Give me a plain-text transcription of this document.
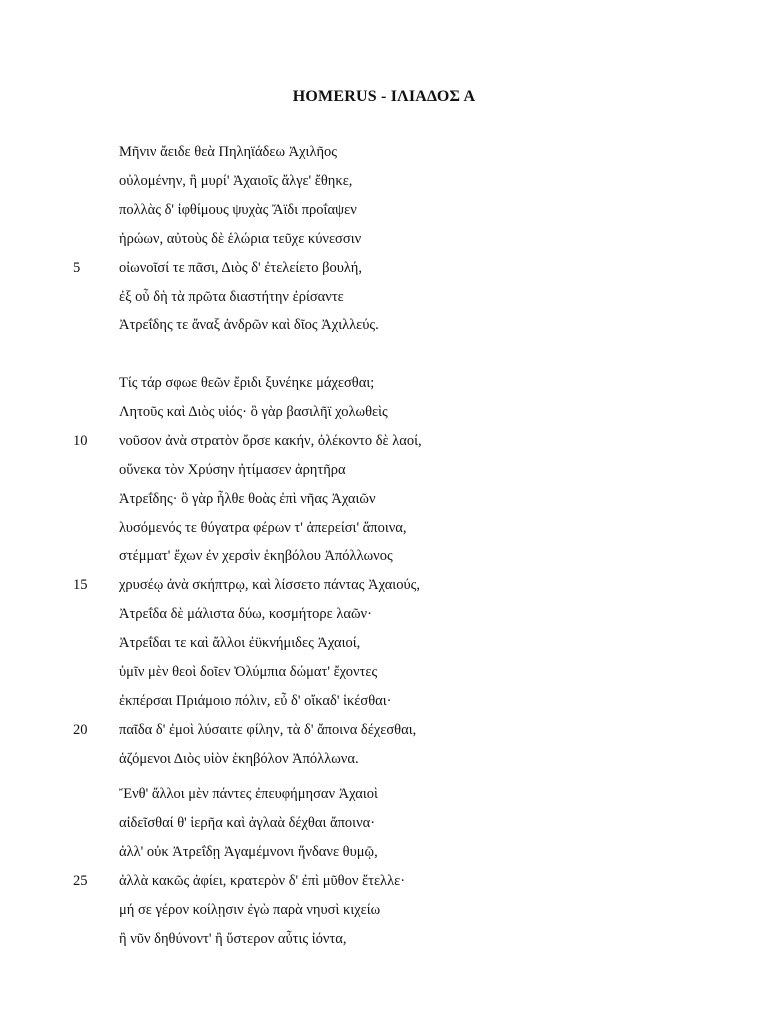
HOMERUS - ΙΛΙΑΔΟΣ Α
Μῆνιν ἄειδε θεὰ Πηληϊάδεω Ἀχιλῆος
οὐλομένην, ἣ μυρί' Ἀχαιοῖς ἄλγε' ἔθηκε,
πολλὰς δ' ἰφθίμους ψυχὰς Ἄϊδι προΐαψεν
ἡρώων, αὐτοὺς δὲ ἑλώρια τεῦχε κύνεσσιν
5	οἰωνοῖσί τε πᾶσι, Διὸς δ' ἐτελείετο βουλή,
ἐξ οὗ δὴ τὰ πρῶτα διαστήτην ἐρίσαντε
Ἀτρεΐδης τε ἄναξ ἀνδρῶν καὶ δῖος Ἀχιλλεύς.
Τίς τάρ σφωε θεῶν ἔριδι ξυνέηκε μάχεσθαι;
Λητοῦς καὶ Διὸς υἱός· ὃ γὰρ βασιλῆϊ χολωθεὶς
10 νοῦσον ἀνὰ στρατὸν ὄρσε κακήν, ὀλέκοντο δὲ λαοί,
οὕνεκα τὸν Χρύσην ἠτίμασεν ἀρητῆρα
Ἀτρεΐδης· ὃ γὰρ ἦλθε θοὰς ἐπὶ νῆας Ἀχαιῶν
λυσόμενός τε θύγατρα φέρων τ' ἀπερείσι' ἄποινα,
στέμματ' ἔχων ἐν χερσὶν ἑκηβόλου Ἀπόλλωνος
15 χρυσέῳ ἀνὰ σκήπτρῳ, καὶ λίσσετο πάντας Ἀχαιούς,
Ἀτρεΐδα δὲ μάλιστα δύω, κοσμήτορε λαῶν·
Ἀτρεΐδαι τε καὶ ἄλλοι ἐϋκνήμιδες Ἀχαιοί,
ὑμῖν μὲν θεοὶ δοῖεν Ὀλύμπια δώματ' ἔχοντες
ἐκπέρσαι Πριάμοιο πόλιν, εὖ δ' οἴκαδ' ἱκέσθαι·
20 παῖδα δ' ἐμοὶ λύσαιτε φίλην, τὰ δ' ἄποινα δέχεσθαι,
ἁζόμενοι Διὸς υἱὸν ἑκηβόλον Ἀπόλλωνα.
Ἔνθ' ἄλλοι μὲν πάντες ἐπευφήμησαν Ἀχαιοὶ
αἰδεῖσθαί θ' ἱερῆα καὶ ἀγλαὰ δέχθαι ἄποινα·
ἀλλ' οὐκ Ἀτρεΐδῃ Ἀγαμέμνονι ἥνδανε θυμῷ,
25 ἀλλὰ κακῶς ἀφίει, κρατερὸν δ' ἐπὶ μῦθον ἔτελλε·
μή σε γέρον κοίλῃσιν ἐγὼ παρὰ νηυσὶ κιχείω
ἢ νῦν δηθύνοντ' ἢ ὕστερον αὖτις ἰόντα,
